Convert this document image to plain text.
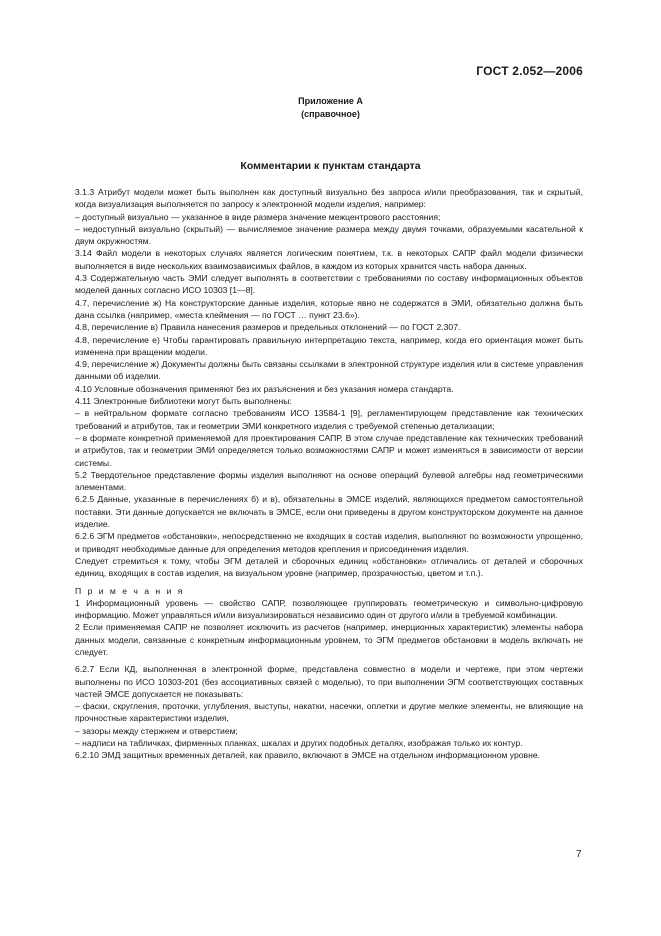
ГОСТ 2.052—2006
Приложение А
(справочное)
Комментарии к пунктам стандарта

3.1.3 Атрибут модели может быть выполнен как доступный визуально без запроса и/или преобразования, так и скрытый, когда визуализация выполняется по запросу к электронной модели изделия, например:

– доступный визуально — указанное в виде размера значение межцентрового расстояния;

– недоступный визуально (скрытый) — вычисляемое значение размера между двумя точками, образуемыми касательной к двум окружностям.

3.14 Файл модели в некоторых случаях является логическим понятием, т.к. в некоторых САПР файл модели физически выполняется в виде нескольких взаимозависимых файлов, в каждом из которых хранится часть набора данных.

4.3 Содержательную часть ЭМИ следует выполнять в соответствии с требованиями по составу информационных объектов моделей данных согласно ИСО 10303 [1—8].

4.7, перечисление ж) На конструкторские данные изделия, которые явно не содержатся в ЭМИ, обязательно должна быть дана ссылка (например, «места клеймения — по ГОСТ … пункт 23.6»).

4.8, перечисление в) Правила нанесения размеров и предельных отклонений — по ГОСТ 2.307.

4.8, перечисление е) Чтобы гарантировать правильную интерпретацию текста, например, когда его ориентация может быть изменена при вращении модели.

4.9, перечисление ж) Документы должны быть связаны ссылками в электронной структуре изделия или в системе управления данными об изделии.

4.10 Условные обозначения применяют без их разъяснения и без указания номера стандарта.

4.11 Электронные библиотеки могут быть выполнены:

– в нейтральном формате согласно требованиям ИСО 13584-1 [9], регламентирующем представление как технических требований и атрибутов, так и геометрии ЭМИ конкретного изделия с требуемой степенью детализации;

– в формате конкретной применяемой для проектирования САПР. В этом случае представление как технических требований и атрибутов, так и геометрии ЭМИ определяется только возможностями САПР и может изменяться в зависимости от версии системы.

5.2 Твердотельное представление формы изделия выполняют на основе операций булевой алгебры над геометрическими элементами.

6.2.5 Данные, указанные в перечислениях б) и в), обязательны в ЭМСЕ изделий, являющихся предметом самостоятельной поставки. Эти данные допускается не включать в ЭМСЕ, если они приведены в другом конструкторском документе на данное изделие.

6.2.6 ЭГМ предметов «обстановки», непосредственно не входящих в состав изделия, выполняют по возможности упрощенно, и приводят необходимые данные для определения методов крепления и присоединения изделия.

Следует стремиться к тому, чтобы ЭГМ деталей и сборочных единиц «обстановки» отличались от деталей и сборочных единиц, входящих в состав изделия, на визуальном уровне (например, прозрачностью, цветом и т.п.).

П р и м е ч а н и я

1 Информационный уровень — свойство САПР, позволяющее группировать геометрическую и символьно-цифровую информацию. Может управляться и/или визуализироваться независимо один от другого и/или в требуемой комбинации.

2 Если применяемая САПР не позволяет исключить из расчетов (например, инерционных характеристик) элементы набора данных модели, связанные с конкретным информационным уровнем, то ЭГМ предметов обстановки в модель включать не следует.

6.2.7 Если КД, выполненная в электронной форме, представлена совместно в модели и чертеже, при этом чертежи выполнены по ИСО 10303-201 (без ассоциативных связей с моделью), то при выполнении ЭГМ соответствующих составных частей ЭМСЕ допускается не показывать:

– фаски, скругления, проточки, углубления, выступы, накатки, насечки, оплетки и другие мелкие элементы, не влияющие на прочностные характеристики изделия,

– зазоры между стержнем и отверстием;

– надписи на табличках, фирменных планках, шкалах и других подобных деталях, изображая только их контур.

6.2.10 ЭМД защитных временных деталей, как правило, включают в ЭМСЕ на отдельном информационном уровне.

7
